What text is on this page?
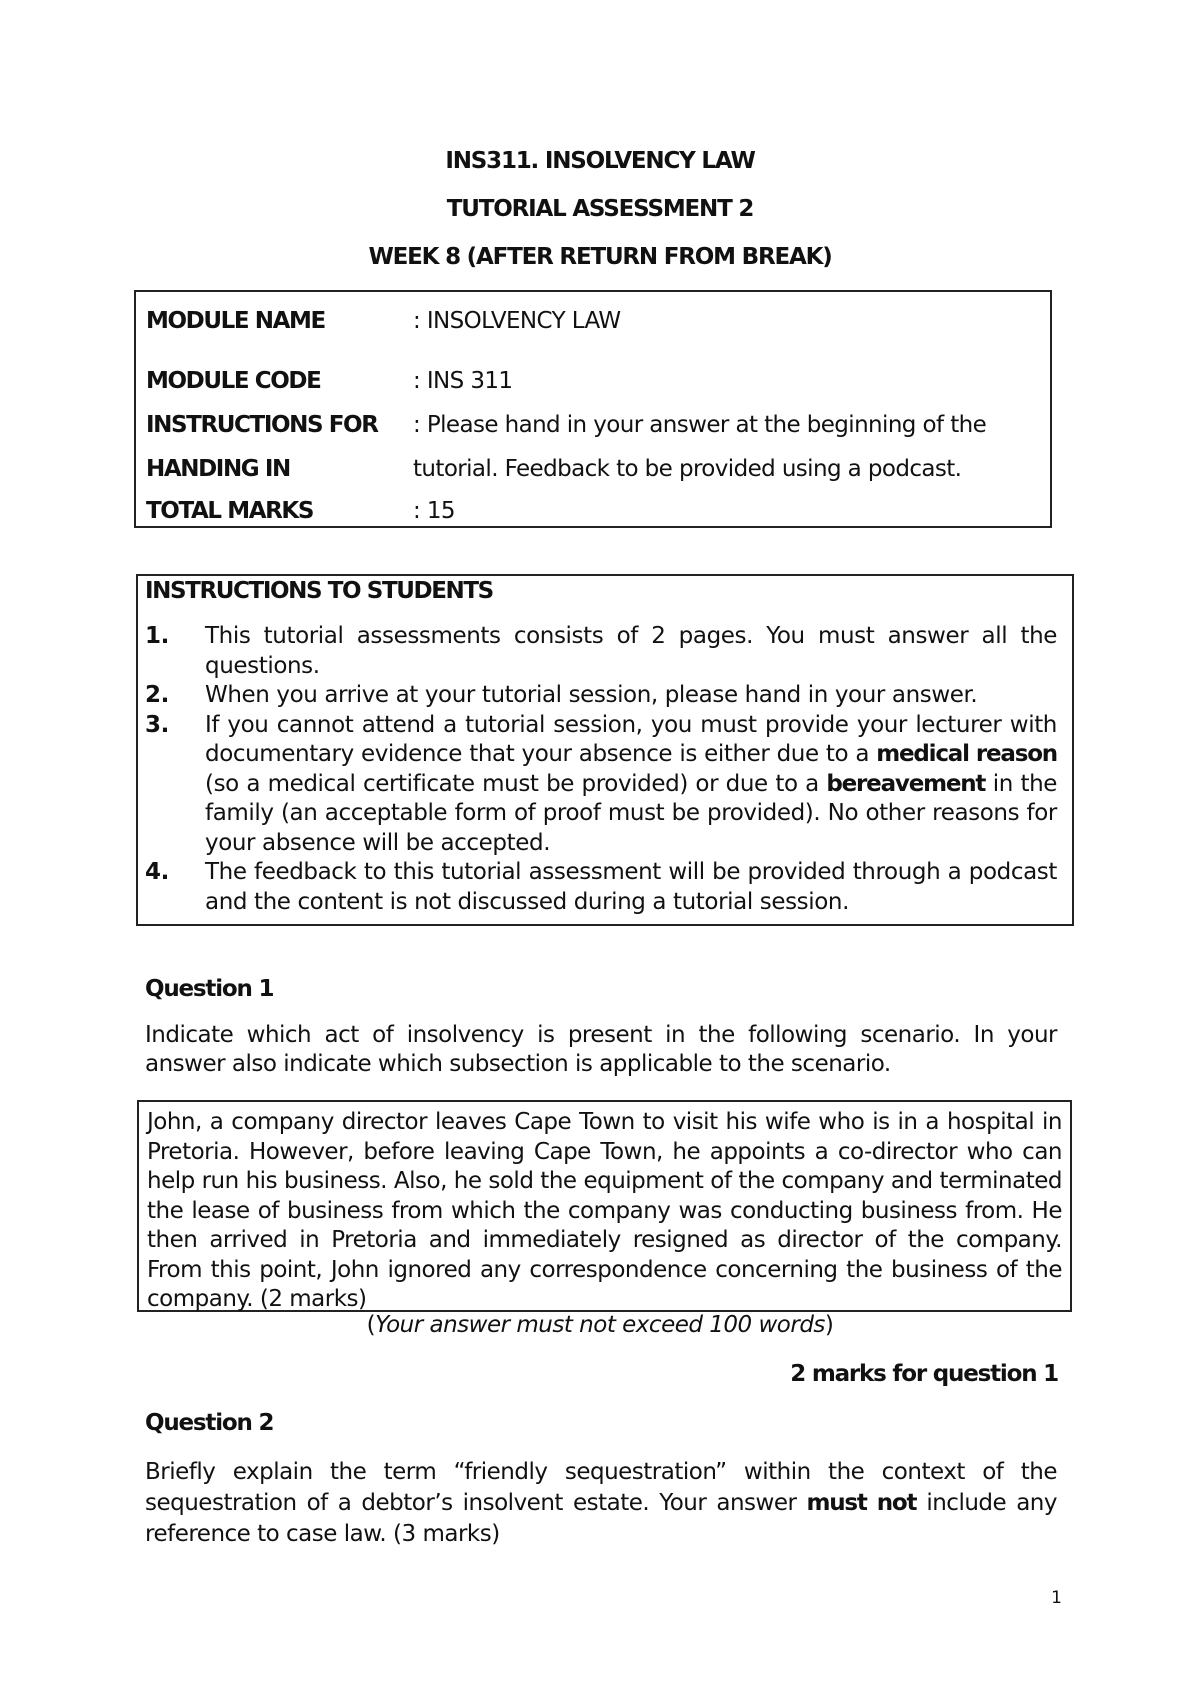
INS311. INSOLVENCY LAW
TUTORIAL ASSESSMENT 2
WEEK 8 (AFTER RETURN FROM BREAK)
MODULE NAME	: INSOLVENCY LAW
MODULE CODE	: INS 311
INSTRUCTIONS FOR : Please hand in your answer at the beginning of the
HANDING IN	tutorial. Feedback to be provided using a podcast.
TOTAL MARKS	: 15
INSTRUCTIONS TO STUDENTS
1. This tutorial assessments consists of 2 pages. You must answer all the questions.
2. When you arrive at your tutorial session, please hand in your answer.
3. If you cannot attend a tutorial session, you must provide your lecturer with documentary evidence that your absence is either due to a medical reason (so a medical certificate must be provided) or due to a bereavement in the family (an acceptable form of proof must be provided). No other reasons for your absence will be accepted.
4. The feedback to this tutorial assessment will be provided through a podcast and the content is not discussed during a tutorial session.
Question 1
Indicate which act of insolvency is present in the following scenario. In your answer also indicate which subsection is applicable to the scenario.

John, a company director leaves Cape Town to visit his wife who is in a hospital in Pretoria. However, before leaving Cape Town, he appoints a co-director who can help run his business. Also, he sold the equipment of the company and terminated the lease of business from which the company was conducting business from. He then arrived in Pretoria and immediately resigned as director of the company. From this point, John ignored any correspondence concerning the business of the company. (2 marks)

(Your answer must not exceed 100 words)
2 marks for question 1
Question 2
Briefly explain the term “friendly sequestration” within the context of the sequestration of a debtor’s insolvent estate. Your answer must not include any reference to case law. (3 marks)
1
